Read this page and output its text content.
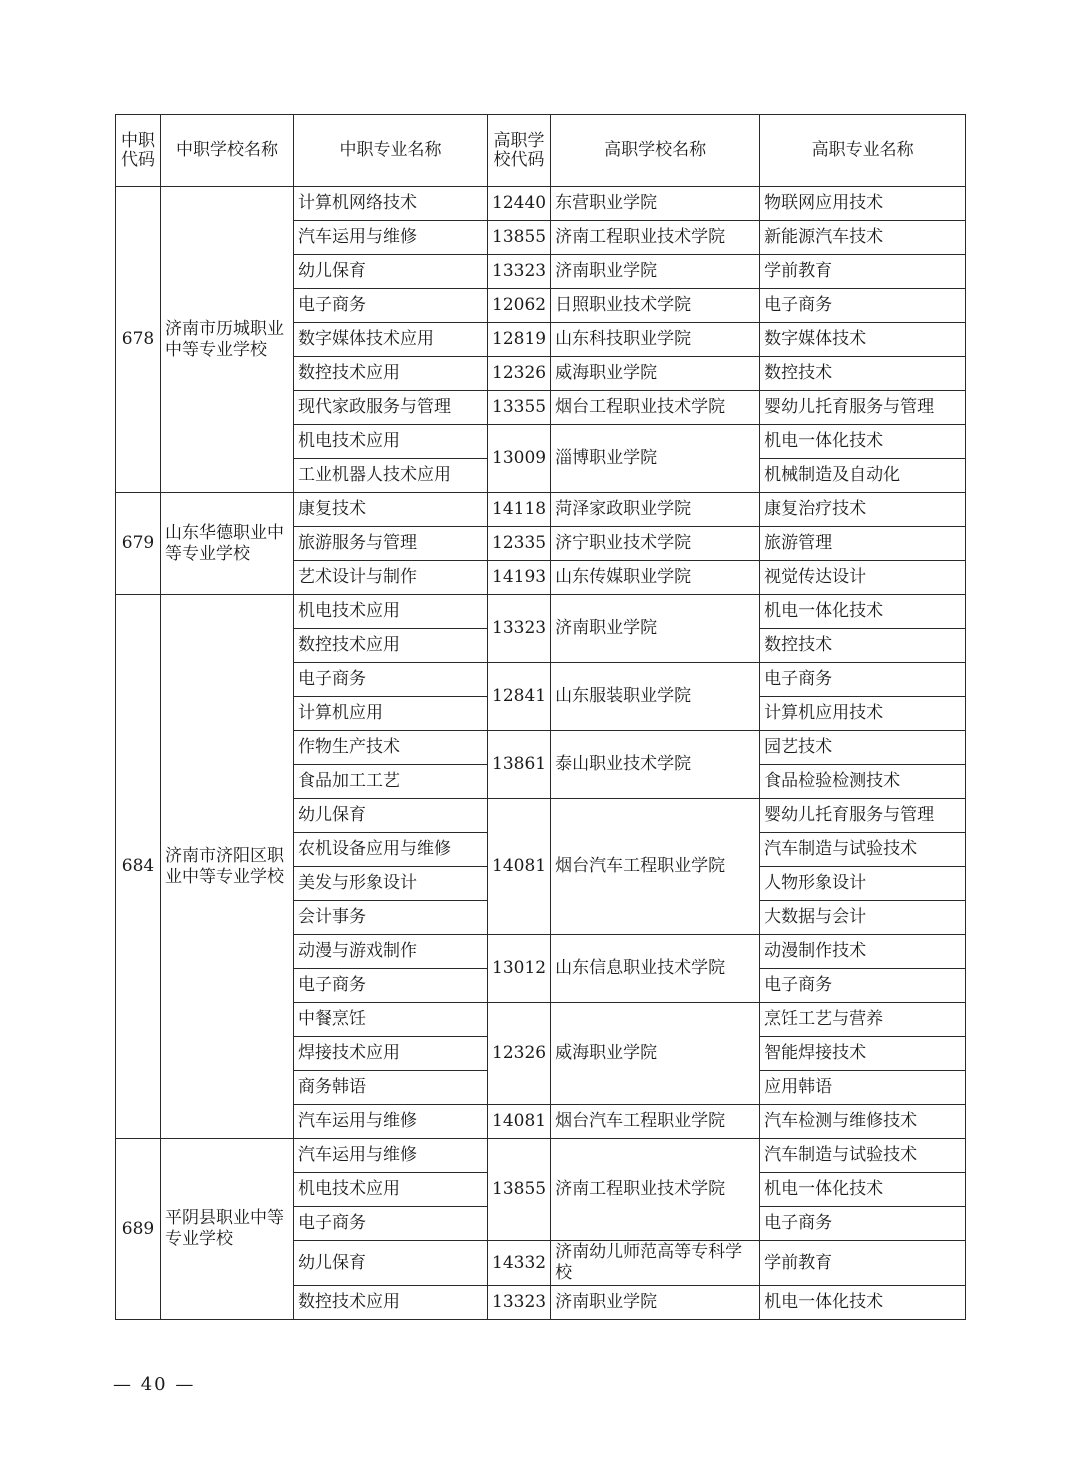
中职代码	中职学校名称	中职专业名称	高职学校代码	高职学校名称	高职专业名称
678	济南市历城职业中等专业学校	计算机网络技术	12440	东营职业学院	物联网应用技术
		汽车运用与维修	13855	济南工程职业技术学院	新能源汽车技术
		幼儿保育	13323	济南职业学院	学前教育
		电子商务	12062	日照职业技术学院	电子商务
		数字媒体技术应用	12819	山东科技职业学院	数字媒体技术
		数控技术应用	12326	威海职业学院	数控技术
		现代家政服务与管理	13355	烟台工程职业技术学院	婴幼儿托育服务与管理
		机电技术应用	13009	淄博职业学院	机电一体化技术
		工业机器人技术应用			机械制造及自动化
679	山东华德职业中等专业学校	康复技术	14118	菏泽家政职业学院	康复治疗技术
		旅游服务与管理	12335	济宁职业技术学院	旅游管理
		艺术设计与制作	14193	山东传媒职业学院	视觉传达设计
684	济南市济阳区职业中等专业学校	机电技术应用	13323	济南职业学院	机电一体化技术
		数控技术应用			数控技术
		电子商务	12841	山东服装职业学院	电子商务
		计算机应用			计算机应用技术
		作物生产技术	13861	泰山职业技术学院	园艺技术
		食品加工工艺			食品检验检测技术
		幼儿保育	14081	烟台汽车工程职业学院	婴幼儿托育服务与管理
		农机设备应用与维修			汽车制造与试验技术
		美发与形象设计			人物形象设计
		会计事务			大数据与会计
		动漫与游戏制作	13012	山东信息职业技术学院	动漫制作技术
		电子商务			电子商务
		中餐烹饪	12326	威海职业学院	烹饪工艺与营养
		焊接技术应用			智能焊接技术
		商务韩语			应用韩语
		汽车运用与维修	14081	烟台汽车工程职业学院	汽车检测与维修技术
689	平阴县职业中等专业学校	汽车运用与维修	13855	济南工程职业技术学院	汽车制造与试验技术
		机电技术应用			机电一体化技术
		电子商务			电子商务
		幼儿保育	14332	济南幼儿师范高等专科学校	学前教育
		数控技术应用	13323	济南职业学院	机电一体化技术
— 40 —
